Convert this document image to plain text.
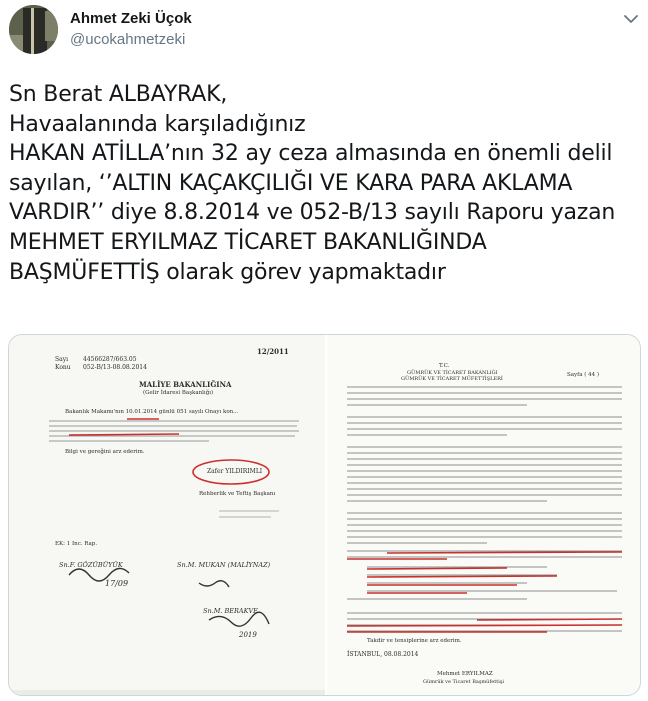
Ahmet Zeki Üçok
@ucokahmetzeki
Sn Berat ALBAYRAK,
Havaalanında karşıladığınız
HAKAN ATİLLA’nın 32 ay ceza almasında en önemli delil
sayılan, ‘’ALTIN KAÇAKÇILIĞI VE KARA PARA AKLAMA
VARDIR’’ diye 8.8.2014 ve 052-B/13 sayılı Raporu yazan
MEHMET ERYILMAZ TİCARET BAKANLIĞINDA
BAŞMÜFETTİŞ olarak görev yapmaktadır
12/2011
Sayı	44566287/663.05
Konu 052-B/13-08.08.2014
MALİYE BAKANLIĞINA
(Gelir İdaresi Başkanlığı)
Bakanlık Makamı'nın 10.01.2014 günlü 051 sayılı Onayı kon...
Bilgi ve gereğini arz ederim.
Zafer YILDIRIMLI
Rehberlik ve Teftiş Başkanı
EK: 1 Inc. Rap.
Sn.F. GÖZÜBÜYÜK
17/09
Sn.M. MUKAN (MALİYNAZ)
Sn.M. BERAKVE
2019
T.C.
GÜMRÜK VE TİCARET BAKANLIĞI
GÜMRÜK VE TİCARET MÜFETTİŞLERİ
Sayfa ( 44 )
Takdir ve tensiplerine arz ederim.
İSTANBUL, 08.08.2014
Mehmet ERYILMAZ
Gümrük ve Ticaret Başmüfettişi
